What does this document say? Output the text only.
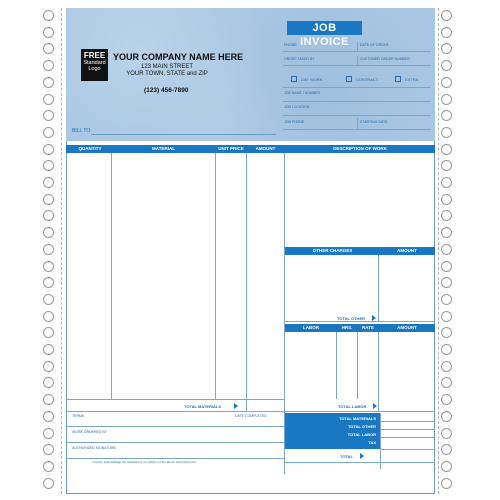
JOB INVOICE
FREE
Standard Logo
YOUR COMPANY NAME HERE
123 MAIN STREET
YOUR TOWN, STATE and ZIP
(123) 456-7890
BILL TO:
PHONE	DATE OF ORDER
ORDER TAKEN BY	CUSTOMER ORDER NUMBER
DAY WORK	CONTRACT	EXTRA
JOB NAME / NUMBER
JOB LOCATION
JOB PHONE	STARTING DATE
QUANTITY	MATERIAL	UNIT PRICE	AMOUNT	DESCRIPTION OF WORK
OTHER CHARGES	AMOUNT
TOTAL OTHER
LABOR	HRS.	RATE	AMOUNT
TOTAL MATERIALS	TOTAL LABOR
TERMS	DATE COMPLETED
WORK ORDERED BY
AUTHORIZED SIGNATURE
I hereby acknowledge the satisfactory completion of the above described work.
TOTAL MATERIALS
TOTAL OTHER
TOTAL LABOR
TAX
TOTAL
